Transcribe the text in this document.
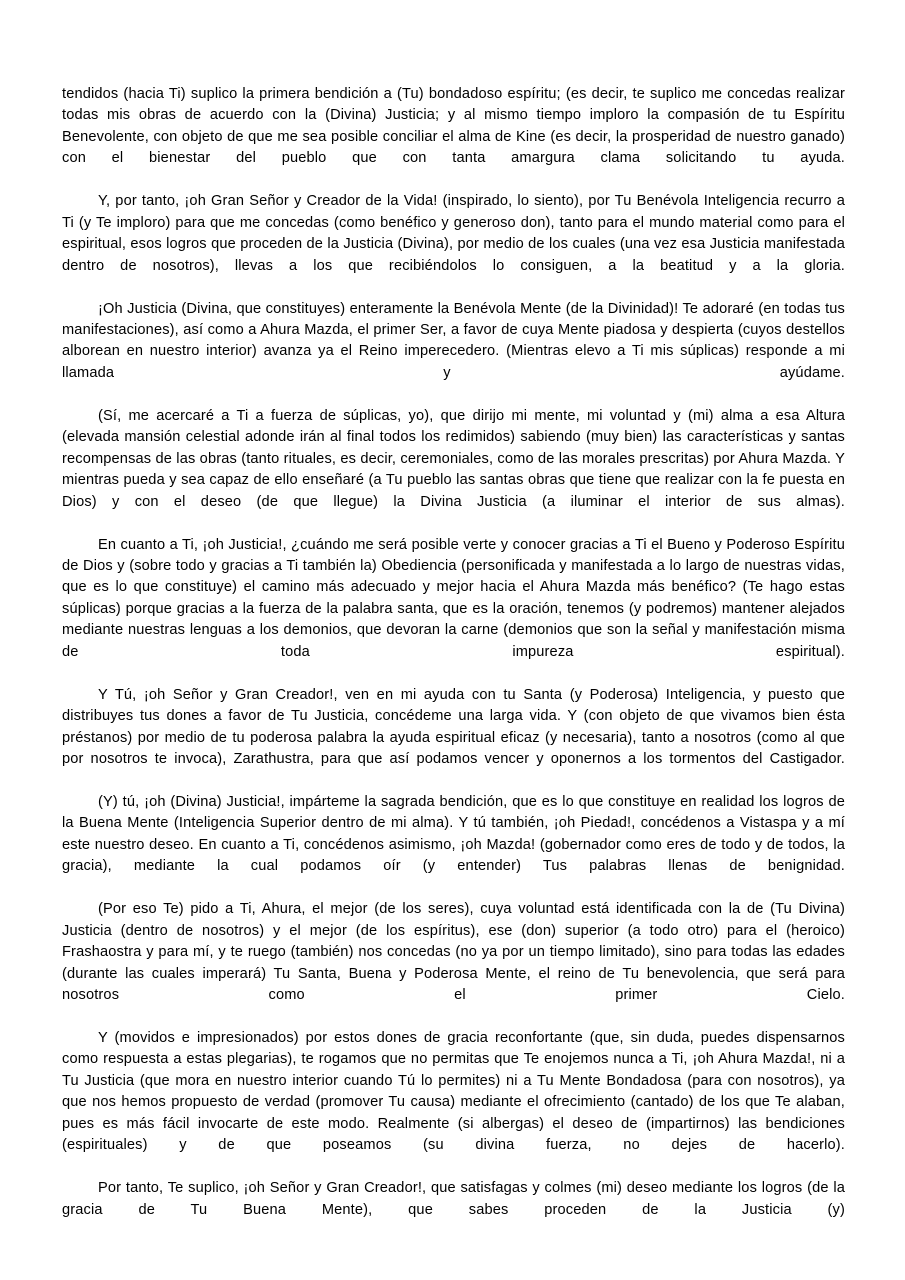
tendidos (hacia Ti) suplico la primera bendición a (Tu) bondadoso espíritu; (es decir, te suplico me concedas realizar todas mis obras de acuerdo con la (Divina) Justicia; y al mismo tiempo imploro la compasión de tu Espíritu Benevolente, con objeto de que me sea posible conciliar el alma de Kine (es decir, la prosperidad de nuestro ganado) con el bienestar del pueblo que con tanta amargura clama solicitando tu ayuda.

Y, por tanto, ¡oh Gran Señor y Creador de la Vida! (inspirado, lo siento), por Tu Benévola Inteligencia recurro a Ti (y Te imploro) para que me concedas (como benéfico y generoso don), tanto para el mundo material como para el espiritual, esos logros que proceden de la Justicia (Divina), por medio de los cuales (una vez esa Justicia manifestada dentro de nosotros), llevas a los que recibiéndolos lo consiguen, a la beatitud y a la gloria.

¡Oh Justicia (Divina, que constituyes) enteramente la Benévola Mente (de la Divinidad)! Te adoraré (en todas tus manifestaciones), así como a Ahura Mazda, el primer Ser, a favor de cuya Mente piadosa y despierta (cuyos destellos alborean en nuestro interior) avanza ya el Reino imperecedero. (Mientras elevo a Ti mis súplicas) responde a mi llamada y ayúdame.

(Sí, me acercaré a Ti a fuerza de súplicas, yo), que dirijo mi mente, mi voluntad y (mi) alma a esa Altura (elevada mansión celestial adonde irán al final todos los redimidos) sabiendo (muy bien) las características y santas recompensas de las obras (tanto rituales, es decir, ceremoniales, como de las morales prescritas) por Ahura Mazda. Y mientras pueda y sea capaz de ello enseñaré (a Tu pueblo las santas obras que tiene que realizar con la fe puesta en Dios) y con el deseo (de que llegue) la Divina Justicia (a iluminar el interior de sus almas).

En cuanto a Ti, ¡oh Justicia!, ¿cuándo me será posible verte y conocer gracias a Ti el Bueno y Poderoso Espíritu de Dios y (sobre todo y gracias a Ti también la) Obediencia (personificada y manifestada a lo largo de nuestras vidas, que es lo que constituye) el camino más adecuado y mejor hacia el Ahura Mazda más benéfico? (Te hago estas súplicas) porque gracias a la fuerza de la palabra santa, que es la oración, tenemos (y podremos) mantener alejados mediante nuestras lenguas a los demonios, que devoran la carne (demonios que son la señal y manifestación misma de toda impureza espiritual).

Y Tú, ¡oh Señor y Gran Creador!, ven en mi ayuda con tu Santa (y Poderosa) Inteligencia, y puesto que distribuyes tus dones a favor de Tu Justicia, concédeme una larga vida. Y (con objeto de que vivamos bien ésta préstanos) por medio de tu poderosa palabra la ayuda espiritual eficaz (y necesaria), tanto a nosotros (como al que por nosotros te invoca), Zarathustra, para que así podamos vencer y oponernos a los tormentos del Castigador.

(Y) tú, ¡oh (Divina) Justicia!, impárteme la sagrada bendición, que es lo que constituye en realidad los logros de la Buena Mente (Inteligencia Superior dentro de mi alma). Y tú también, ¡oh Piedad!, concédenos a Vistaspa y a mí este nuestro deseo. En cuanto a Ti, concédenos asimismo, ¡oh Mazda! (gobernador como eres de todo y de todos, la gracia), mediante la cual podamos oír (y entender) Tus palabras llenas de benignidad.

(Por eso Te) pido a Ti, Ahura, el mejor (de los seres), cuya voluntad está identificada con la de (Tu Divina) Justicia (dentro de nosotros) y el mejor (de los espíritus), ese (don) superior (a todo otro) para el (heroico) Frashaostra y para mí, y te ruego (también) nos concedas (no ya por un tiempo limitado), sino para todas las edades (durante las cuales imperará) Tu Santa, Buena y Poderosa Mente, el reino de Tu benevolencia, que será para nosotros como el primer Cielo.

Y (movidos e impresionados) por estos dones de gracia reconfortante (que, sin duda, puedes dispensarnos como respuesta a estas plegarias), te rogamos que no permitas que Te enojemos nunca a Ti, ¡oh Ahura Mazda!, ni a Tu Justicia (que mora en nuestro interior cuando Tú lo permites) ni a Tu Mente Bondadosa (para con nosotros), ya que nos hemos propuesto de verdad (promover Tu causa) mediante el ofrecimiento (cantado) de los que Te alaban, pues es más fácil invocarte de este modo. Realmente (si albergas) el deseo de (impartirnos) las bendiciones (espirituales) y de que poseamos (su divina fuerza, no dejes de hacerlo).

Por tanto, Te suplico, ¡oh Señor y Gran Creador!, que satisfagas y colmes (mi) deseo mediante los logros (de la gracia de Tu Buena Mente), que sabes proceden de la Justicia (y)
